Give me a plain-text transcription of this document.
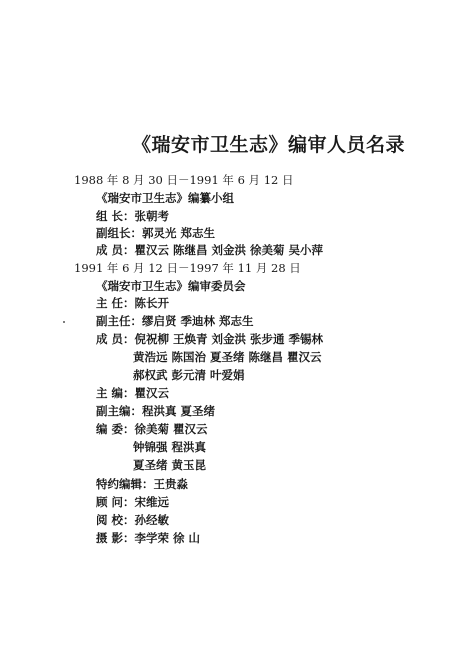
《瑞安市卫生志》编审人员名录
1988 年 8 月 30 日－1991 年 6 月 12 日
《瑞安市卫生志》编纂小组
组 长：张朝考
副组长：郭灵光 郑志生
成 员：瞿汉云 陈继昌 刘金洪 徐美菊 吴小萍
1991 年 6 月 12 日－1997 年 11 月 28 日
《瑞安市卫生志》编审委员会
主 任：陈长开
副主任：缪启贤 季迪林 郑志生
成 员：倪祝柳 王焕青 刘金洪 张步通 季锡林
黄浩远 陈国治 夏圣绪 陈继昌 瞿汉云
郝权武 彭元清 叶爱娟
主 编：瞿汉云
副主编：程洪真 夏圣绪
编 委：徐美菊 瞿汉云
钟锦强 程洪真
夏圣绪 黄玉昆
特约编辑：王贵淼
顾 问：宋维远
阅 校：孙经敏
摄 影：李学荣 徐 山
